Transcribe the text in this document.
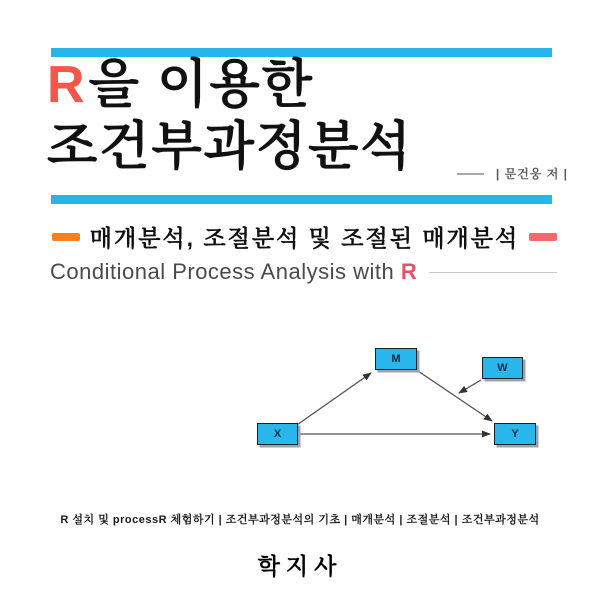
R을 이용한
조건부과정분석	| 문건웅 저 |
매개분석, 조절분석 및 조절된 매개분석
Conditional Process Analysis with R
M
W
X	Y
R 설치 및 processR 체험하기 | 조건부과정분석의 기초 | 매개분석 | 조절분석 | 조건부과정분석
학지사
